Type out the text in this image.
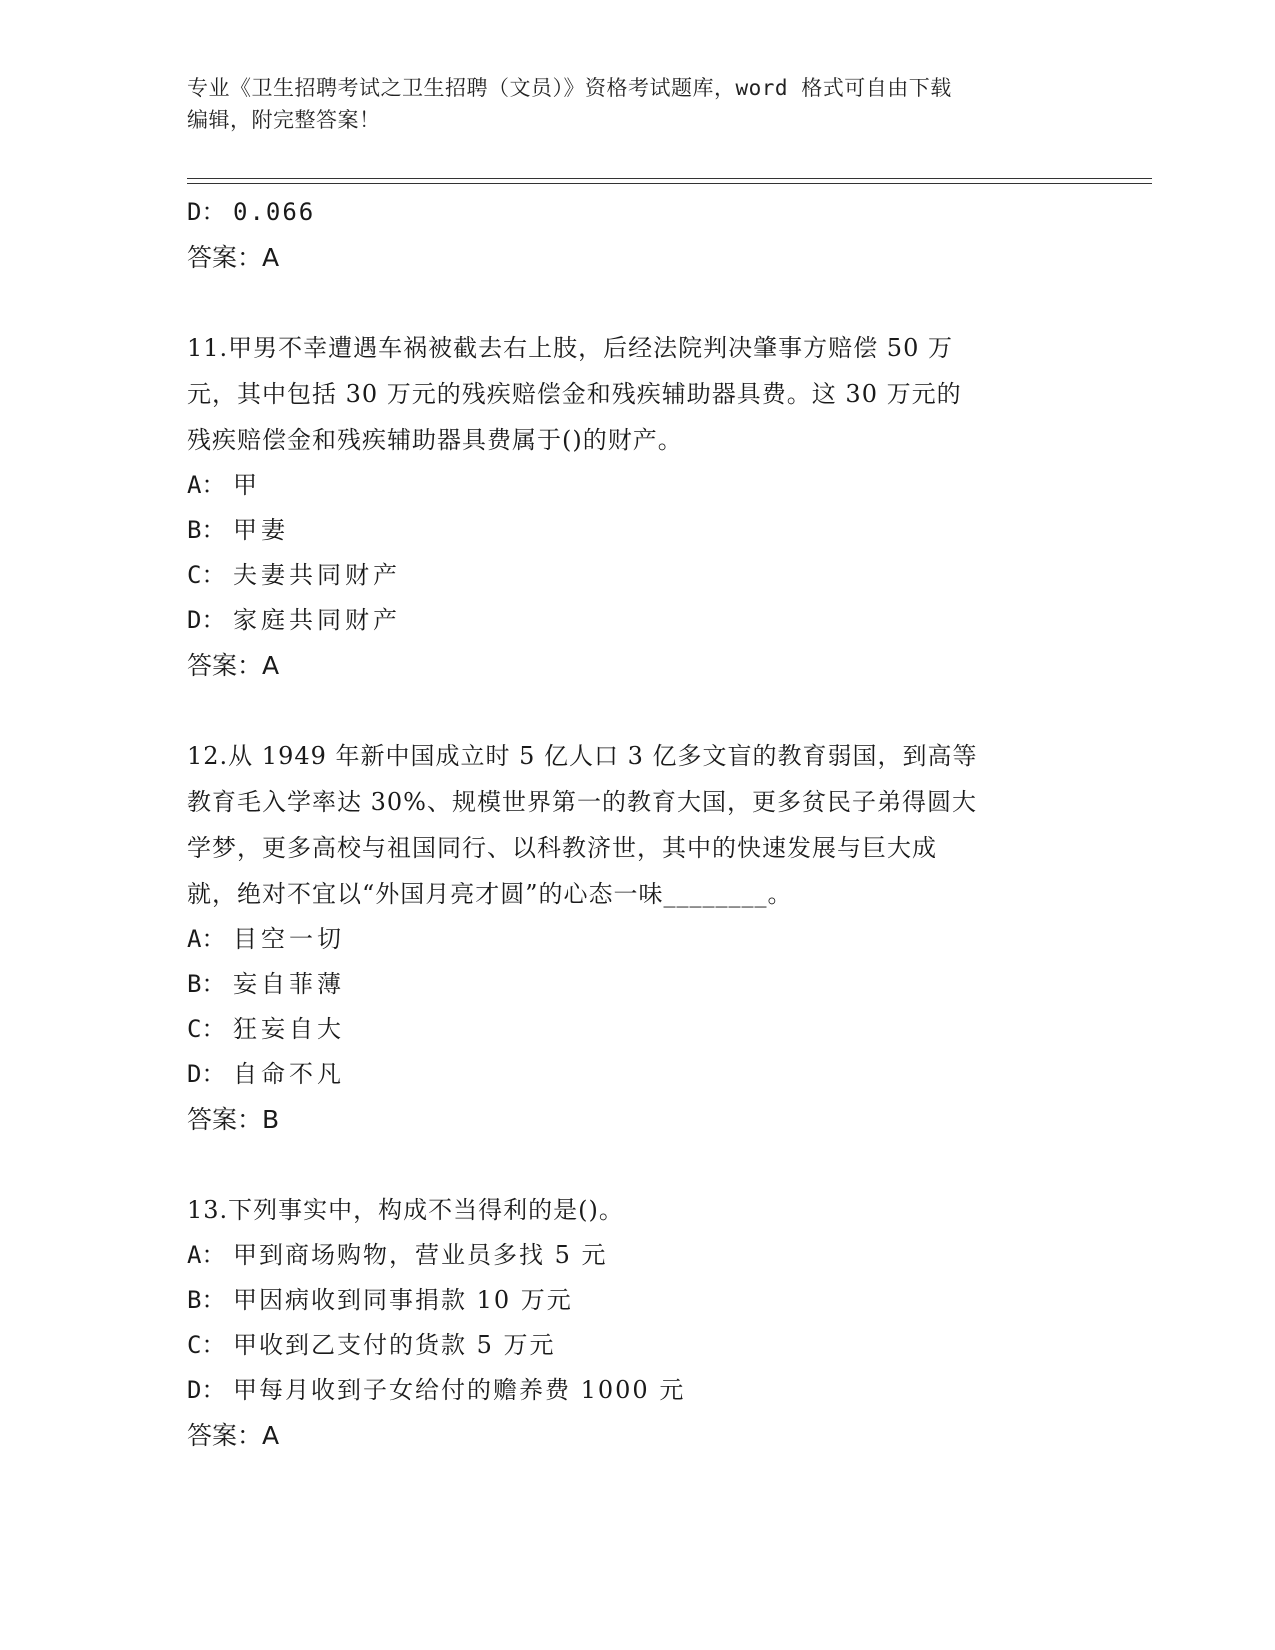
专业《卫生招聘考试之卫生招聘（文员）》资格考试题库，word 格式可自由下载
编辑，附完整答案！
D： 0.066
答案：A
11.甲男不幸遭遇车祸被截去右上肢，后经法院判决肇事方赔偿 50 万
元，其中包括 30 万元的残疾赔偿金和残疾辅助器具费。这 30 万元的
残疾赔偿金和残疾辅助器具费属于()的财产。
A： 甲
B： 甲妻
C： 夫妻共同财产
D： 家庭共同财产
答案：A
12.从 1949 年新中国成立时 5 亿人口 3 亿多文盲的教育弱国，到高等
教育毛入学率达 30%、规模世界第一的教育大国，更多贫民子弟得圆大
学梦，更多高校与祖国同行、以科教济世，其中的快速发展与巨大成
就，绝对不宜以“外国月亮才圆”的心态一味________。
A： 目空一切
B： 妄自菲薄
C： 狂妄自大
D： 自命不凡
答案：B
13.下列事实中，构成不当得利的是()。
A： 甲到商场购物，营业员多找 5 元
B： 甲因病收到同事捐款 10 万元
C： 甲收到乙支付的货款 5 万元
D： 甲每月收到子女给付的赡养费 1000 元
答案：A
